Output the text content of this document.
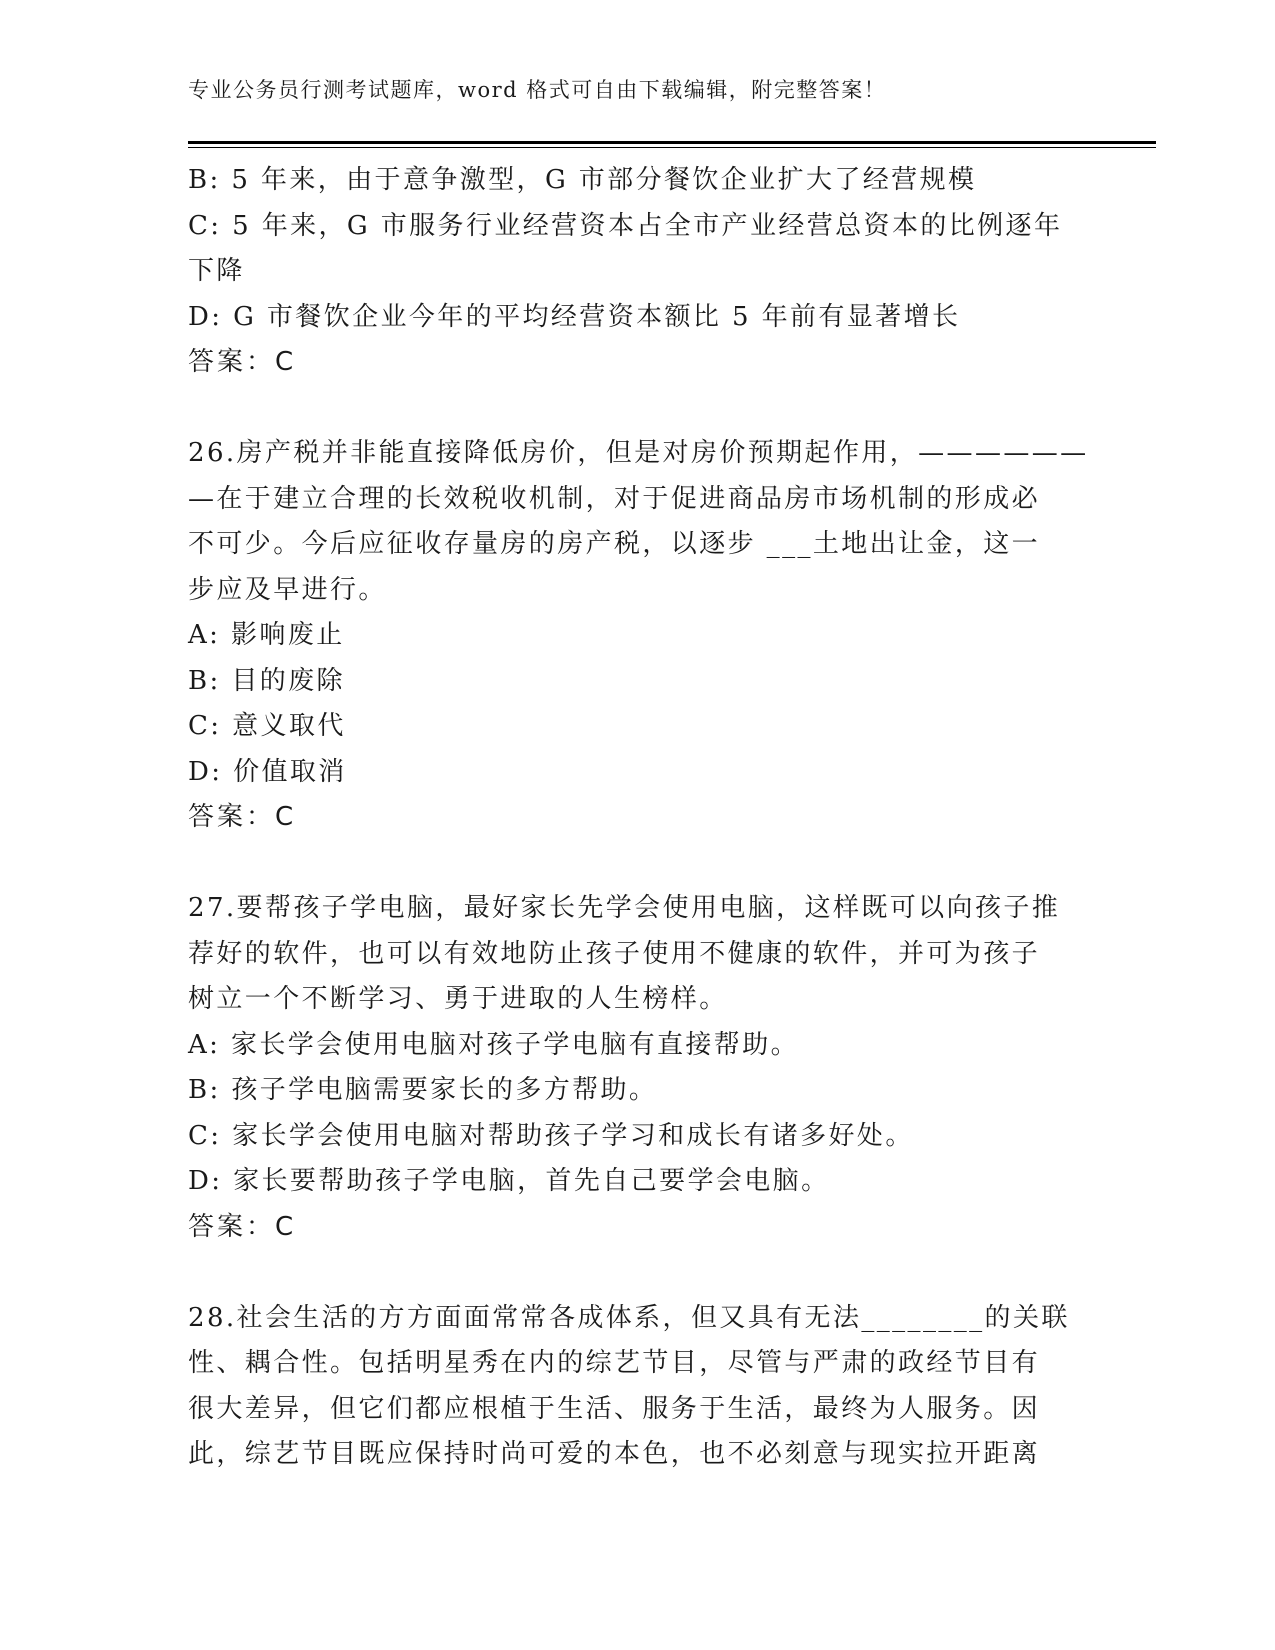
专业公务员行测考试题库，word 格式可自由下载编辑，附完整答案！
B: 5 年来，由于意争激型，G 市部分餐饮企业扩大了经营规模
C: 5 年来，G 市服务行业经营资本占全市产业经营总资本的比例逐年
下降
D: G 市餐饮企业今年的平均经营资本额比 5 年前有显著增长
答案：C
26.房产税并非能直接降低房价，但是对房价预期起作用，——————
—在于建立合理的长效税收机制，对于促进商品房市场机制的形成必
不可少。今后应征收存量房的房产税，以逐步 ___土地出让金，这一
步应及早进行。
A: 影响废止
B: 目的废除
C: 意义取代
D: 价值取消
答案：C
27.要帮孩子学电脑，最好家长先学会使用电脑，这样既可以向孩子推
荐好的软件，也可以有效地防止孩子使用不健康的软件，并可为孩子
树立一个不断学习、勇于进取的人生榜样。
A: 家长学会使用电脑对孩子学电脑有直接帮助。
B: 孩子学电脑需要家长的多方帮助。
C: 家长学会使用电脑对帮助孩子学习和成长有诸多好处。
D: 家长要帮助孩子学电脑，首先自己要学会电脑。
答案：C
28.社会生活的方方面面常常各成体系，但又具有无法________的关联
性、耦合性。包括明星秀在内的综艺节目，尽管与严肃的政经节目有
很大差异，但它们都应根植于生活、服务于生活，最终为人服务。因
此，综艺节目既应保持时尚可爱的本色，也不必刻意与现实拉开距离
